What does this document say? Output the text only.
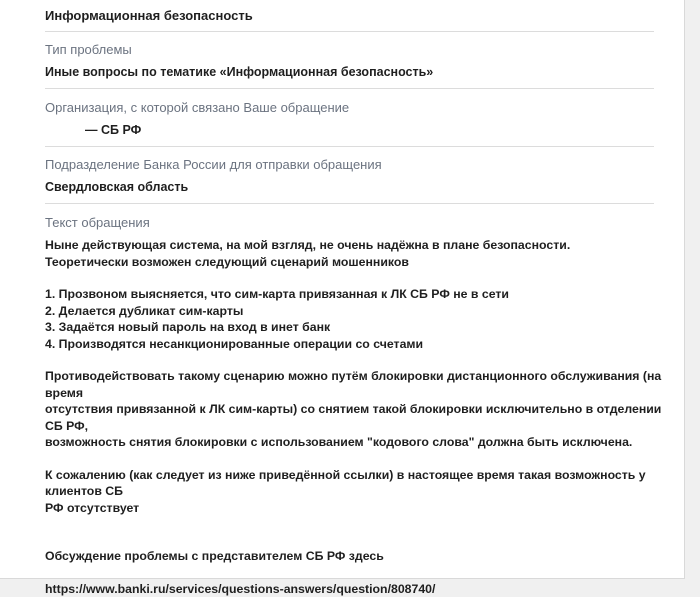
Информационная безопасность
Тип проблемы
Иные вопросы по тематике «Информационная безопасность»
Организация, с которой связано Ваше обращение
— СБ РФ
Подразделение Банка России для отправки обращения
Свердловская область
Текст обращения

Ныне действующая система, на мой взгляд, не очень надёжна в плане безопасности.

Теоретически возможен следующий сценарий мошенников

1. Прозвоном выясняется, что сим-карта привязанная к ЛК СБ РФ не в сети

2. Делается дубликат сим-карты

3. Задаётся новый пароль на вход в инет банк

4. Производятся несанкционированные операции со счетами

Противодействовать такому сценарию можно путём блокировки дистанционного обслуживания (на время

отсутствия привязанной к ЛК сим-карты) со снятием такой блокировки исключительно в отделении СБ РФ,

возможность снятия блокировки с использованием "кодового слова" должна быть исключена.

К сожалению (как следует из ниже приведённой ссылки) в настоящее время такая возможность у клиентов СБ

РФ отсутствует

Обсуждение проблемы с представителем СБ РФ здесь

https://www.banki.ru/services/questions-answers/question/808740/
